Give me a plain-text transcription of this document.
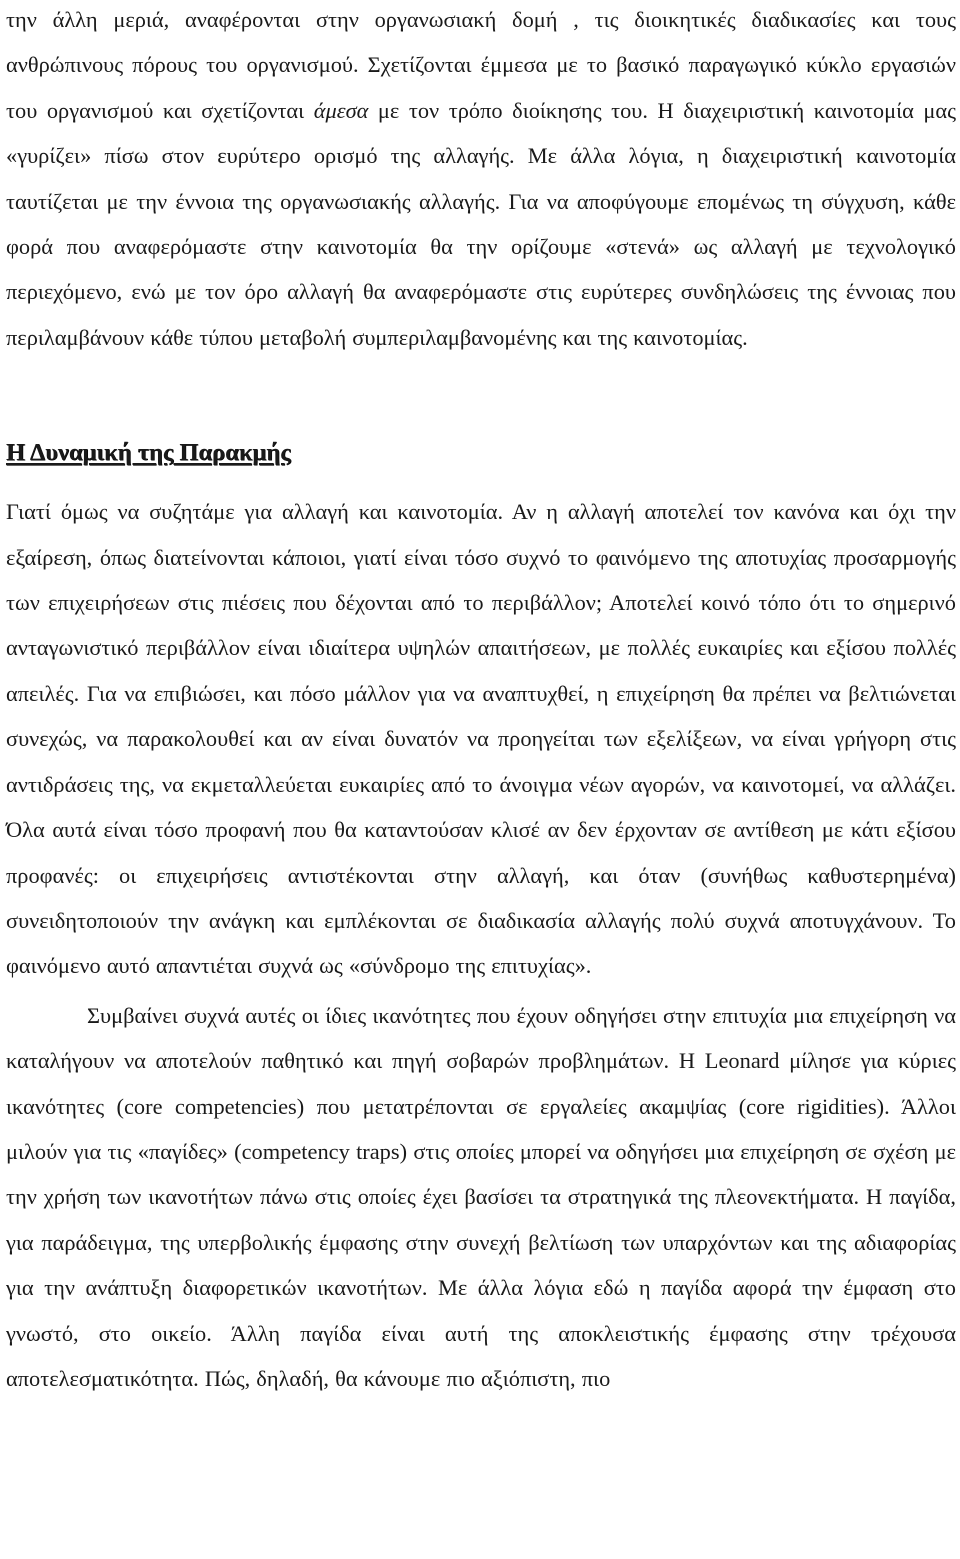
την άλλη μεριά, αναφέρονται στην οργανωσιακή δομή , τις διοικητικές διαδικασίες και τους ανθρώπινους πόρους του οργανισμού. Σχετίζονται έμμεσα με το βασικό παραγωγικό κύκλο εργασιών του οργανισμού και σχετίζονται άμεσα με τον τρόπο διοίκησης του. Η διαχειριστική καινοτομία μας «γυρίζει» πίσω στον ευρύτερο ορισμό της αλλαγής. Με άλλα λόγια, η διαχειριστική καινοτομία ταυτίζεται με την έννοια της οργανωσιακής αλλαγής. Για να αποφύγουμε επομένως τη σύγχυση, κάθε φορά που αναφερόμαστε στην καινοτομία θα την ορίζουμε «στενά» ως αλλαγή με τεχνολογικό περιεχόμενο, ενώ με τον όρο αλλαγή θα αναφερόμαστε στις ευρύτερες συνδηλώσεις της έννοιας που περιλαμβάνουν κάθε τύπου μεταβολή συμπεριλαμβανομένης και της καινοτομίας.

Η Δυναμική της Παρακμής

Γιατί όμως να συζητάμε για αλλαγή και καινοτομία. Αν η αλλαγή αποτελεί τον κανόνα και όχι την εξαίρεση, όπως διατείνονται κάποιοι, γιατί είναι τόσο συχνό το φαινόμενο της αποτυχίας προσαρμογής των επιχειρήσεων στις πιέσεις που δέχονται από το περιβάλλον; Αποτελεί κοινό τόπο ότι το σημερινό ανταγωνιστικό περιβάλλον είναι ιδιαίτερα υψηλών απαιτήσεων, με πολλές ευκαιρίες και εξίσου πολλές απειλές. Για να επιβιώσει, και πόσο μάλλον για να αναπτυχθεί, η επιχείρηση θα πρέπει να βελτιώνεται συνεχώς, να παρακολουθεί και αν είναι δυνατόν να προηγείται των εξελίξεων, να είναι γρήγορη στις αντιδράσεις της, να εκμεταλλεύεται ευκαιρίες από το άνοιγμα νέων αγορών, να καινοτομεί, να αλλάζει. Όλα αυτά είναι τόσο προφανή που θα καταντούσαν κλισέ αν δεν έρχονταν σε αντίθεση με κάτι εξίσου προφανές: οι επιχειρήσεις αντιστέκονται στην αλλαγή, και όταν (συνήθως καθυστερημένα) συνειδητοποιούν την ανάγκη και εμπλέκονται σε διαδικασία αλλαγής πολύ συχνά αποτυγχάνουν. Το φαινόμενο αυτό απαντιέται συχνά ως «σύνδρομο της επιτυχίας».

Συμβαίνει συχνά αυτές οι ίδιες ικανότητες που έχουν οδηγήσει στην επιτυχία μια επιχείρηση να καταλήγουν να αποτελούν παθητικό και πηγή σοβαρών προβλημάτων. Η Leonard μίλησε για κύριες ικανότητες (core competencies) που μετατρέπονται σε εργαλείες ακαμψίας (core rigidities). Άλλοι μιλούν για τις «παγίδες» (competency traps) στις οποίες μπορεί να οδηγήσει μια επιχείρηση σε σχέση με την χρήση των ικανοτήτων πάνω στις οποίες έχει βασίσει τα στρατηγικά της πλεονεκτήματα. Η παγίδα, για παράδειγμα, της υπερβολικής έμφασης στην συνεχή βελτίωση των υπαρχόντων και της αδιαφορίας για την ανάπτυξη διαφορετικών ικανοτήτων. Με άλλα λόγια εδώ η παγίδα αφορά την έμφαση στο γνωστό, στο οικείο. Άλλη παγίδα είναι αυτή της αποκλειστικής έμφασης στην τρέχουσα αποτελεσματικότητα. Πώς, δηλαδή, θα κάνουμε πιο αξιόπιστη, πιο
